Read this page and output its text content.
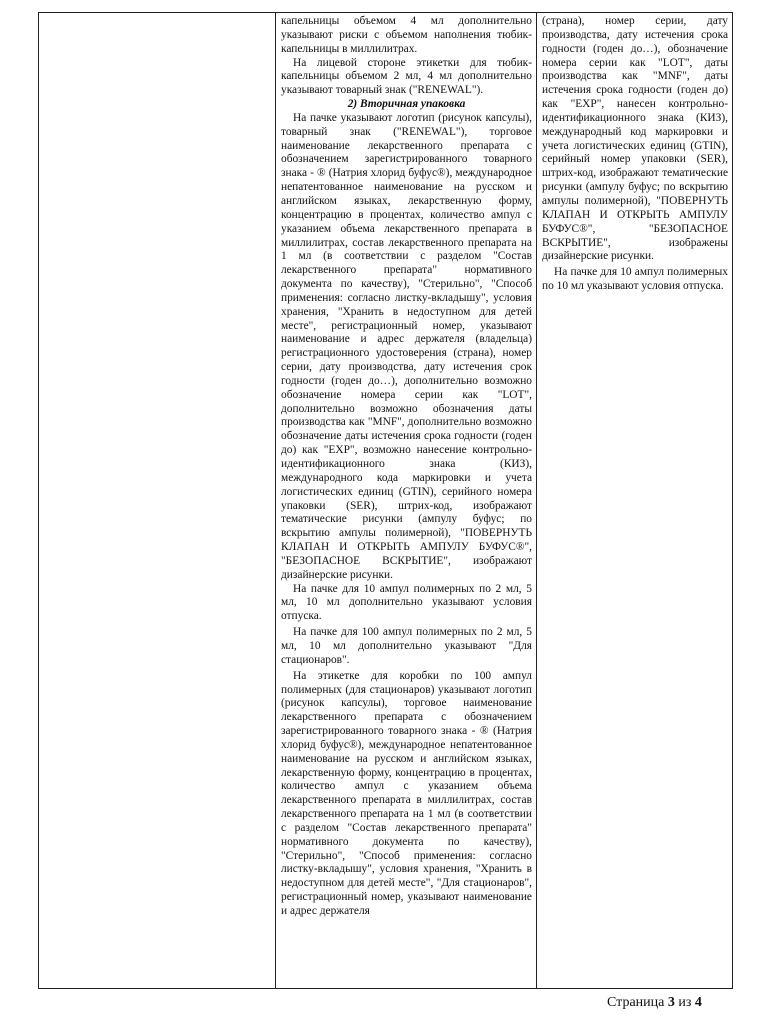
капельницы объемом 4 мл дополнительно указывают риски с объемом наполнения тюбик-капельницы в миллилитрах.

На лицевой стороне этикетки для тюбик-капельницы объемом 2 мл, 4 мл дополнительно указывают товарный знак ("RENEWAL").

2) Вторичная упаковка

На пачке указывают логотип (рисунок капсулы), товарный знак ("RENEWAL"), торговое наименование лекарственного препарата с обозначением зарегистрированного товарного знака - ® (Натрия хлорид буфус®), международное непатентованное наименование на русском и английском языках, лекарственную форму, концентрацию в процентах, количество ампул с указанием объема лекарственного препарата в миллилитрах, состав лекарственного препарата на 1 мл (в соответствии с разделом "Состав лекарственного препарата" нормативного документа по качеству), "Стерильно", "Способ применения: согласно листку-вкладышу", условия хранения, "Хранить в недоступном для детей месте", регистрационный номер, указывают наименование и адрес держателя (владельца) регистрационного удостоверения (страна), номер серии, дату производства, дату истечения срок годности (годен до…), дополнительно возможно обозначение номера серии как "LOT", дополнительно возможно обозначения даты производства как "MNF", дополнительно возможно обозначение даты истечения срока годности (годен до) как "EXP", возможно нанесение контрольно-идентификационного знака (КИЗ), международного кода маркировки и учета логистических единиц (GTIN), серийного номера упаковки (SER), штрих-код, изображают тематические рисунки (ампулу буфус; по вскрытию ампулы полимерной), "ПОВЕРНУТЬ КЛАПАН И ОТКРЫТЬ АМПУЛУ БУФУС®", "БЕЗОПАСНОЕ ВСКРЫТИЕ", изображают дизайнерские рисунки.

На пачке для 10 ампул полимерных по 2 мл, 5 мл, 10 мл дополнительно указывают условия отпуска.

На пачке для 100 ампул полимерных по 2 мл, 5 мл, 10 мл дополнительно указывают "Для стационаров".

На этикетке для коробки по 100 ампул полимерных (для стационаров) указывают логотип (рисунок капсулы), торговое наименование лекарственного препарата с обозначением зарегистрированного товарного знака - ® (Натрия хлорид буфус®), международное непатентованное наименование на русском и английском языках, лекарственную форму, концентрацию в процентах, количество ампул с указанием объема лекарственного препарата в миллилитрах, состав лекарственного препарата на 1 мл (в соответствии с разделом "Состав лекарственного препарата" нормативного документа по качеству), "Стерильно", "Способ применения: согласно листку-вкладышу", условия хранения, "Хранить в недоступном для детей месте", "Для стационаров", регистрационный номер, указывают наименование и адрес держателя

(страна), номер серии, дату производства, дату истечения срока годности (годен до…), обозначение номера серии как "LOT", даты производства как "MNF", даты истечения срока годности (годен до) как "EXP", нанесен контрольно-идентификационного знака (КИЗ), международный код маркировки и учета логистических единиц (GTIN), серийный номер упаковки (SER), штрих-код, изображают тематические рисунки (ампулу буфус; по вскрытию ампулы полимерной), "ПОВЕРНУТЬ КЛАПАН И ОТКРЫТЬ АМПУЛУ БУФУС®", "БЕЗОПАСНОЕ ВСКРЫТИЕ", изображены дизайнерские рисунки.

На пачке для 10 ампул полимерных по 10 мл указывают условия отпуска.

Страница 3 из 4
